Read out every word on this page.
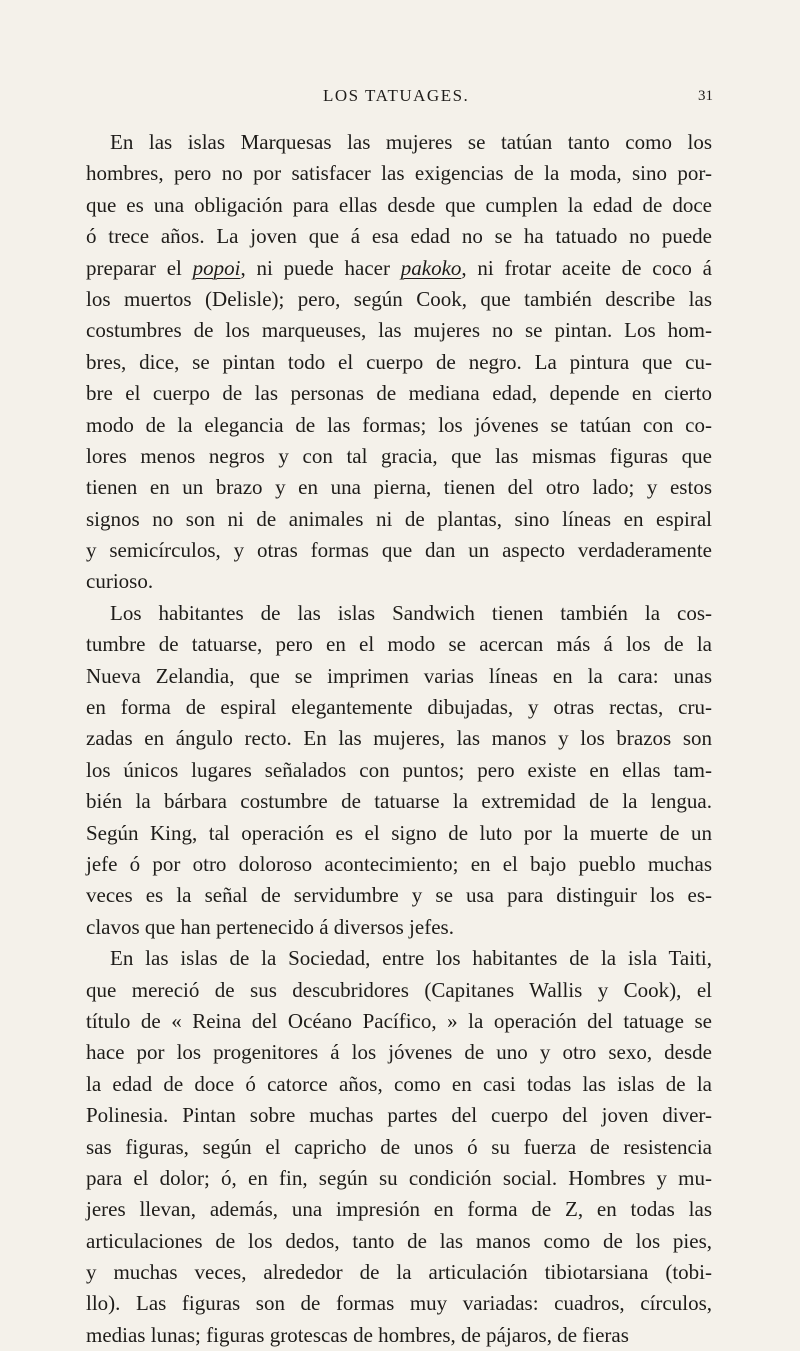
LOS TATUAGES.	31
En las islas Marquesas las mujeres se tatúan tanto como los
hombres, pero no por satisfacer las exigencias de la moda, sino por-
que es una obligación para ellas desde que cumplen la edad de doce
ó trece años. La joven que á esa edad no se ha tatuado no puede
preparar el popoi, ni puede hacer pakoko, ni frotar aceite de coco á
los muertos (Delisle); pero, según Cook, que también describe las
costumbres de los marqueuses, las mujeres no se pintan. Los hom-
bres, dice, se pintan todo el cuerpo de negro. La pintura que cu-
bre el cuerpo de las personas de mediana edad, depende en cierto
modo de la elegancia de las formas; los jóvenes se tatúan con co-
lores menos negros y con tal gracia, que las mismas figuras que
tienen en un brazo y en una pierna, tienen del otro lado; y estos
signos no son ni de animales ni de plantas, sino líneas en espiral
y semicírculos, y otras formas que dan un aspecto verdaderamente
curioso.
Los habitantes de las islas Sandwich tienen también la cos-
tumbre de tatuarse, pero en el modo se acercan más á los de la
Nueva Zelandia, que se imprimen varias líneas en la cara: unas
en forma de espiral elegantemente dibujadas, y otras rectas, cru-
zadas en ángulo recto. En las mujeres, las manos y los brazos son
los únicos lugares señalados con puntos; pero existe en ellas tam-
bién la bárbara costumbre de tatuarse la extremidad de la lengua.
Según King, tal operación es el signo de luto por la muerte de un
jefe ó por otro doloroso acontecimiento; en el bajo pueblo muchas
veces es la señal de servidumbre y se usa para distinguir los es-
clavos que han pertenecido á diversos jefes.
En las islas de la Sociedad, entre los habitantes de la isla Taiti,
que mereció de sus descubridores (Capitanes Wallis y Cook), el
título de « Reina del Océano Pacífico, » la operación del tatuage se
hace por los progenitores á los jóvenes de uno y otro sexo, desde
la edad de doce ó catorce años, como en casi todas las islas de la
Polinesia. Pintan sobre muchas partes del cuerpo del joven diver-
sas figuras, según el capricho de unos ó su fuerza de resistencia
para el dolor; ó, en fin, según su condición social. Hombres y mu-
jeres llevan, además, una impresión en forma de Z, en todas las
articulaciones de los dedos, tanto de las manos como de los pies,
y muchas veces, alrededor de la articulación tibiotarsiana (tobi-
llo). Las figuras son de formas muy variadas: cuadros, círculos,
medias lunas; figuras grotescas de hombres, de pájaros, de fieras
